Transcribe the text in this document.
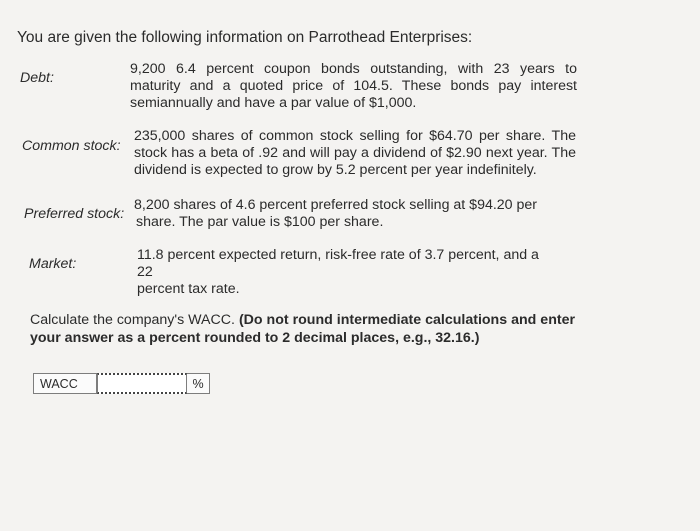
You are given the following information on Parrothead Enterprises:
Debt:
9,200 6.4 percent coupon bonds outstanding, with 23 years to
maturity and a quoted price of 104.5. These bonds pay interest
semiannually and have a par value of $1,000.
Common stock:
235,000 shares of common stock selling for $64.70 per share. The
stock has a beta of .92 and will pay a dividend of $2.90 next year. The
dividend is expected to grow by 5.2 percent per year indefinitely.
Preferred stock:
8,200 shares of 4.6 percent preferred stock selling at $94.20 per
share. The par value is $100 per share.
Market:
11.8 percent expected return, risk-free rate of 3.7 percent, and a 22
percent tax rate.
Calculate the company's WACC. (Do not round intermediate calculations and enter
your answer as a percent rounded to 2 decimal places, e.g., 32.16.)
WACC	%
